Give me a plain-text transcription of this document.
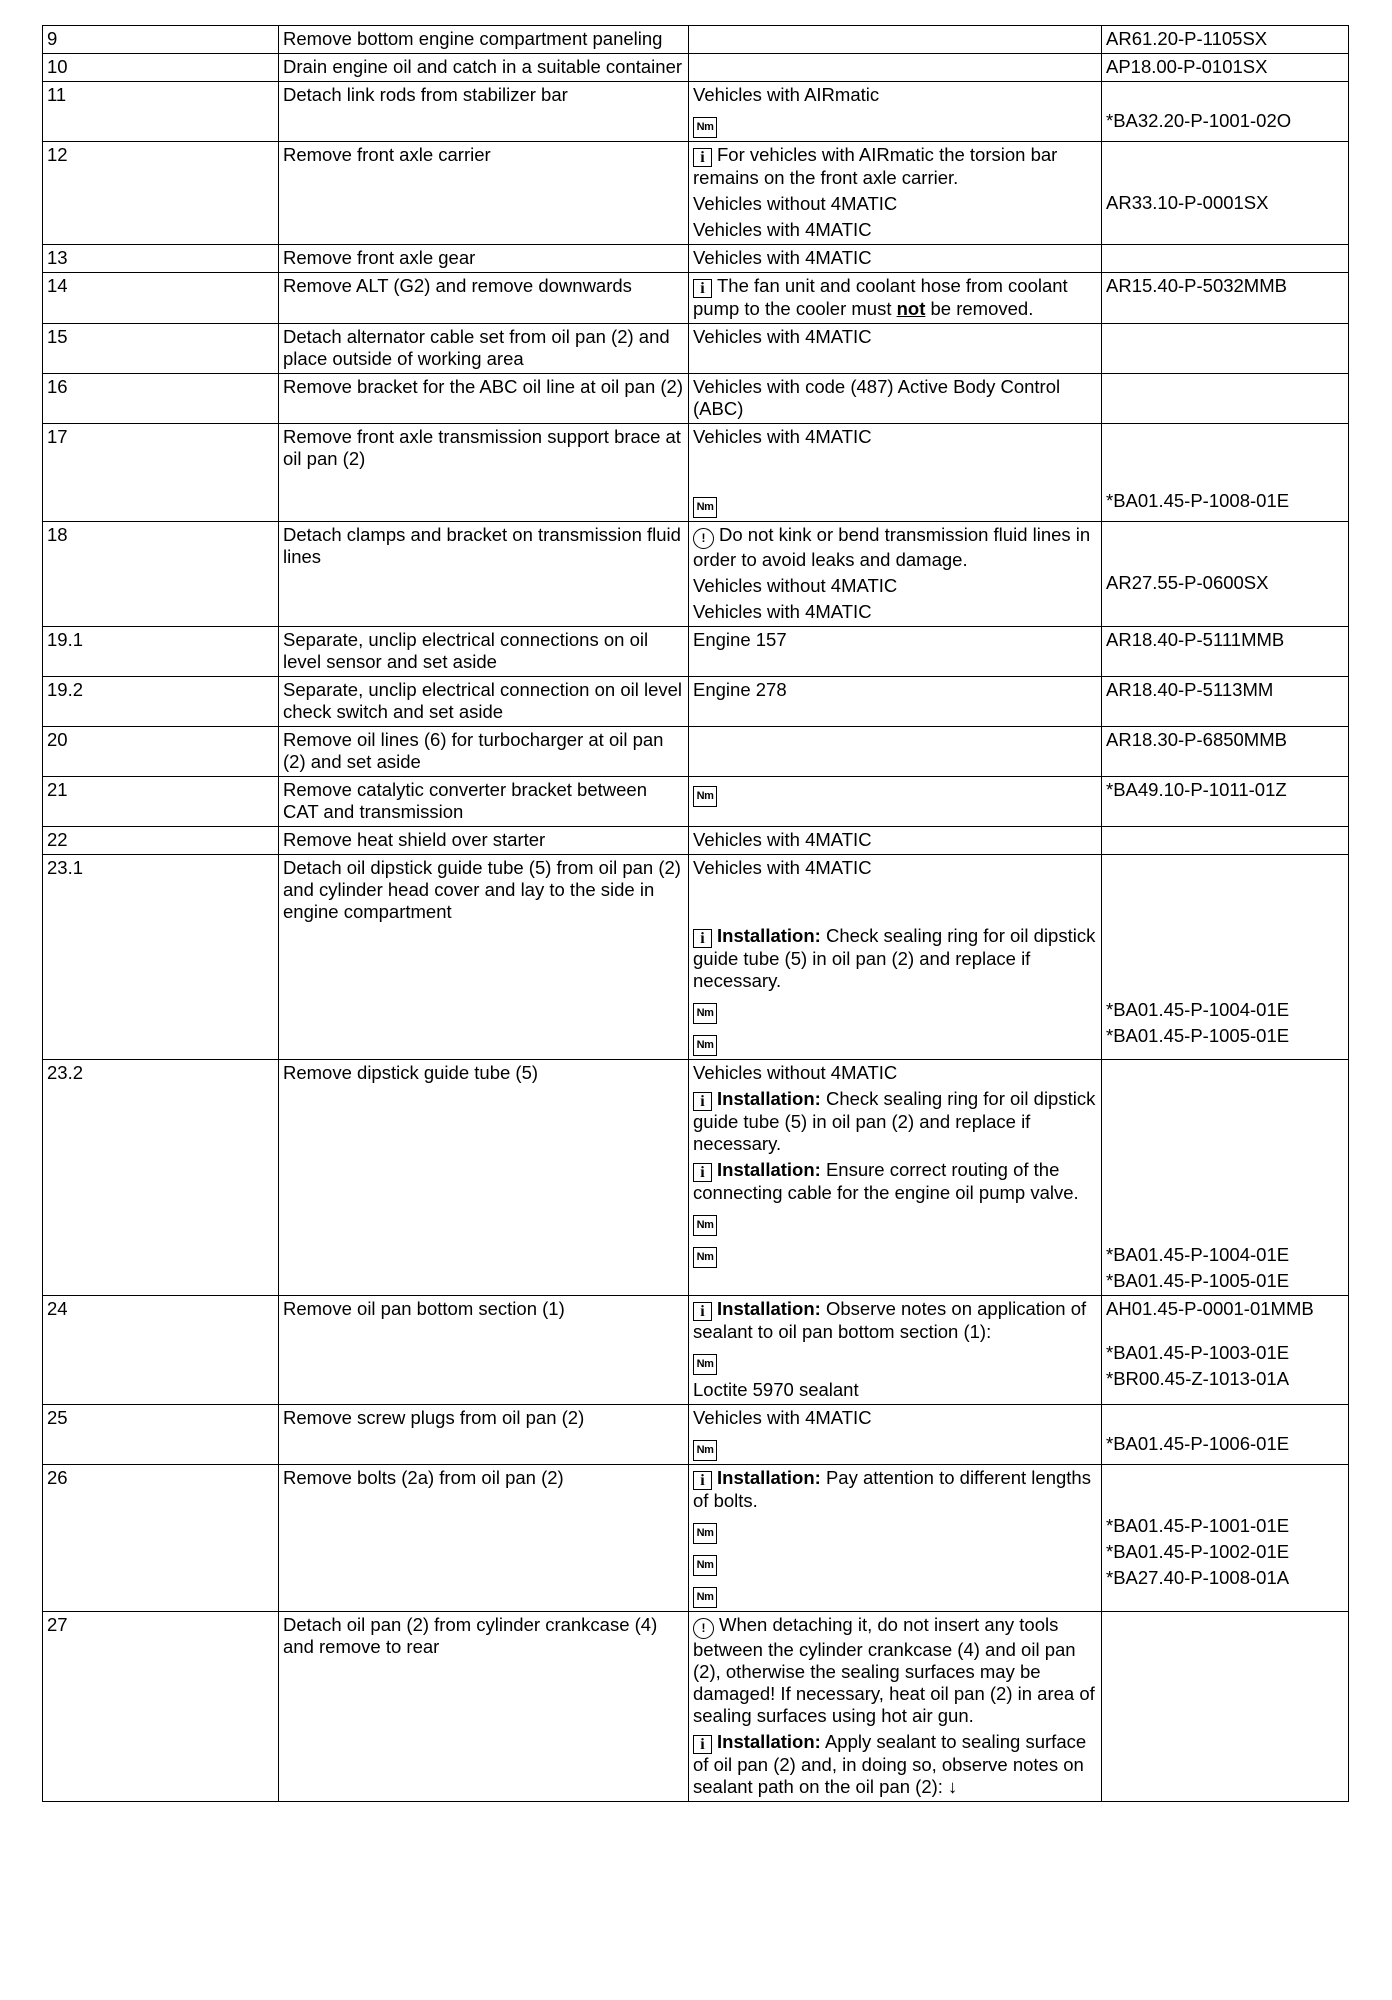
9	Remove bottom engine compartment paneling		AR61.20-P-1105SX
10	Drain engine oil and catch in a suitable container		AP18.00-P-0101SX
11	Detach link rods from stabilizer bar	Vehicles with AIRmatic
Nm	*BA32.20-P-1001-02O

12	Remove front axle carrier	i For vehicles with AIRmatic the torsion bar remains on the front axle carrier.
Vehicles without 4MATIC
Vehicles with 4MATIC	AR33.10-P-0001SX

13	Remove front axle gear	Vehicles with 4MATIC	
14	Remove ALT (G2) and remove downwards	i The fan unit and coolant hose from coolant pump to the cooler must not be removed.	AR15.40-P-5032MMB
15	Detach alternator cable set from oil pan (2) and place outside of working area	Vehicles with 4MATIC	
16	Remove bracket for the ABC oil line at oil pan (2)	Vehicles with code (487) Active Body Control (ABC)	
17	Remove front axle transmission support brace at oil pan (2)	Vehicles with 4MATIC
Nm	*BA01.45-P-1008-01E

18	Detach clamps and bracket on transmission fluid lines	! Do not kink or bend transmission fluid lines in order to avoid leaks and damage.
Vehicles without 4MATIC
Vehicles with 4MATIC	AR27.55-P-0600SX

19.1	Separate, unclip electrical connections on oil level sensor and set aside	Engine 157	AR18.40-P-5111MMB
19.2	Separate, unclip electrical connection on oil level check switch and set aside	Engine 278	AR18.40-P-5113MM
20	Remove oil lines (6) for turbocharger at oil pan (2) and set aside		AR18.30-P-6850MMB
21	Remove catalytic converter bracket between CAT and transmission	Nm	*BA49.10-P-1011-01Z
22	Remove heat shield over starter	Vehicles with 4MATIC	
23.1	Detach oil dipstick guide tube (5) from oil pan (2) and cylinder head cover and lay to the side in engine compartment	Vehicles with 4MATIC
i Installation: Check sealing ring for oil dipstick guide tube (5) in oil pan (2) and replace if necessary.
Nm
Nm	*BA01.45-P-1004-01E
*BA01.45-P-1005-01E

23.2	Remove dipstick guide tube (5)	Vehicles without 4MATIC
i Installation: Check sealing ring for oil dipstick guide tube (5) in oil pan (2) and replace if necessary.
i Installation: Ensure correct routing of the connecting cable for the engine oil pump valve.
Nm
Nm	*BA01.45-P-1004-01E
*BA01.45-P-1005-01E

24	Remove oil pan bottom section (1)	i Installation: Observe notes on application of sealant to oil pan bottom section (1):
Nm
Loctite 5970 sealant	AH01.45-P-0001-01MMB
*BA01.45-P-1003-01E
*BR00.45-Z-1013-01A

25	Remove screw plugs from oil pan (2)	Vehicles with 4MATIC
Nm	*BA01.45-P-1006-01E

26	Remove bolts (2a) from oil pan (2)	i Installation: Pay attention to different lengths of bolts.
Nm
Nm
Nm	*BA01.45-P-1001-01E
*BA01.45-P-1002-01E
*BA27.40-P-1008-01A

27	Detach oil pan (2) from cylinder crankcase (4) and remove to rear	! When detaching it, do not insert any tools between the cylinder crankcase (4) and oil pan (2), otherwise the sealing surfaces may be damaged! If necessary, heat oil pan (2) in area of sealing surfaces using hot air gun.
i Installation: Apply sealant to sealing surface of oil pan (2) and, in doing so, observe notes on sealant path on the oil pan (2): ↓	
